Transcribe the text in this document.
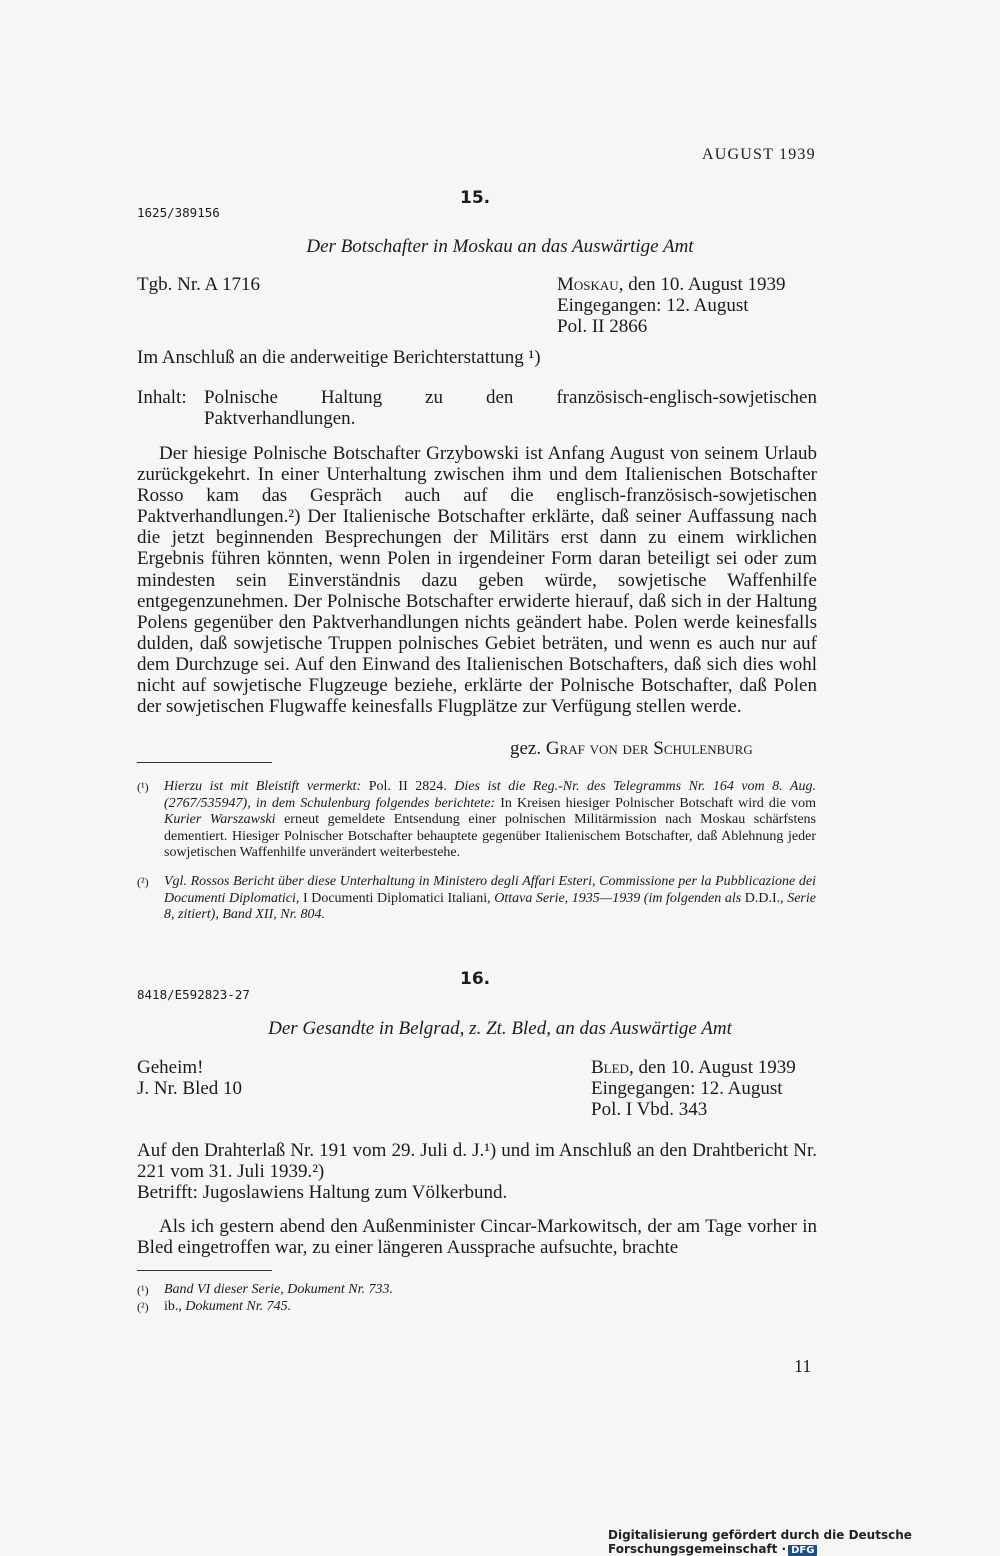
AUGUST 1939
15.
1625/389156
Der Botschafter in Moskau an das Auswärtige Amt
Tgb. Nr. A 1716	Moskau, den 10. August 1939
Eingegangen: 12. August
Pol. II 2866
Im Anschluß an die anderweitige Berichterstattung ¹)
Inhalt: Polnische Haltung zu den französisch-englisch-sowjetischen Paktverhandlungen.
Der hiesige Polnische Botschafter Grzybowski ist Anfang August von seinem Urlaub zurückgekehrt. In einer Unterhaltung zwischen ihm und dem Italienischen Botschafter Rosso kam das Gespräch auch auf die englisch-französisch-sowjetischen Paktverhandlungen.²) Der Italienische Botschafter erklärte, daß seiner Auffassung nach die jetzt beginnenden Besprechungen der Militärs erst dann zu einem wirklichen Ergebnis führen könnten, wenn Polen in irgendeiner Form daran beteiligt sei oder zum mindesten sein Einverständnis dazu geben würde, sowjetische Waffenhilfe entgegenzunehmen. Der Polnische Botschafter erwiderte hierauf, daß sich in der Haltung Polens gegenüber den Paktverhandlungen nichts geändert habe. Polen werde keinesfalls dulden, daß sowjetische Truppen polnisches Gebiet beträten, und wenn es auch nur auf dem Durchzuge sei. Auf den Einwand des Italienischen Botschafters, daß sich dies wohl nicht auf sowjetische Flugzeuge beziehe, erklärte der Polnische Botschafter, daß Polen der sowjetischen Flugwaffe keinesfalls Flugplätze zur Verfügung stellen werde.
gez. Graf von der Schulenburg
(¹) Hierzu ist mit Bleistift vermerkt: Pol. II 2824. Dies ist die Reg.-Nr. des Telegramms Nr. 164 vom 8. Aug. (2767/535947), in dem Schulenburg folgendes berichtete: In Kreisen hiesiger Polnischer Botschaft wird die vom Kurier Warszawski erneut gemeldete Entsendung einer polnischen Militärmission nach Moskau schärfstens dementiert. Hiesiger Polnischer Botschafter behauptete gegenüber Italienischem Botschafter, daß Ablehnung jeder sowjetischen Waffenhilfe unverändert weiterbestehe.
(²) Vgl. Rossos Bericht über diese Unterhaltung in Ministero degli Affari Esteri, Commissione per la Pubblicazione dei Documenti Diplomatici, I Documenti Diplomatici Italiani, Ottava Serie, 1935—1939 (im folgenden als D.D.I., Serie 8, zitiert), Band XII, Nr. 804.
16.
8418/E592823-27
Der Gesandte in Belgrad, z. Zt. Bled, an das Auswärtige Amt
Geheim!
J. Nr. Bled 10
Bled, den 10. August 1939
Eingegangen: 12. August
Pol. I Vbd. 343
Auf den Drahterlaß Nr. 191 vom 29. Juli d. J.¹) und im Anschluß an den Drahtbericht Nr. 221 vom 31. Juli 1939.²)
Betrifft: Jugoslawiens Haltung zum Völkerbund.
Als ich gestern abend den Außenminister Cincar-Markowitsch, der am Tage vorher in Bled eingetroffen war, zu einer längeren Aussprache aufsuchte, brachte
(¹) Band VI dieser Serie, Dokument Nr. 733.
(²) ib., Dokument Nr. 745.
11
Digitalisierung gefördert durch die Deutsche Forschungsgemeinschaft · DFG
